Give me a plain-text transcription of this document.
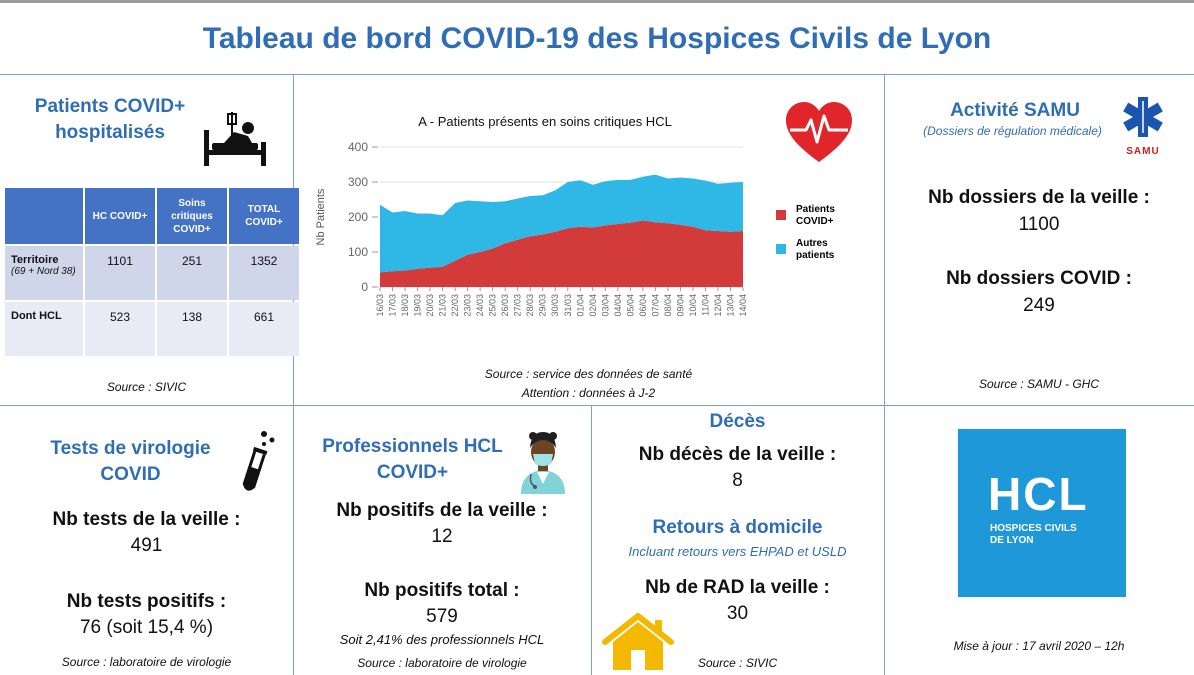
Tableau de bord COVID-19 des Hospices Civils de Lyon
Patients COVID+
hospitalisés
	HC COVID+	Soins critiques COVID+	TOTAL COVID+

Territoire
(69 + Nord 38)	1101	251	1352
Dont HCL	523	138	661
Source : SIVIC
0
100
200
300
400
16/03 17/03 18/03 19/03 20/03 21/03 22/03 23/03 24/03 25/03 26/03 27/03 28/03 29/03 30/03 31/03 01/04 02/04 03/04 04/04 05/04 06/04 07/04 08/04 09/04 10/04 11/04 12/04 13/04 14/04
A - Patients présents en soins critiques HCL
Nb Patients	Patients COVID+
Autres patients
Source : service des données de santé
Attention : données à J-2
Activité SAMU
(Dossiers de régulation médicale)
SAMU
Nb dossiers de la veille :
1100
Nb dossiers COVID :
249
Source : SAMU - GHC
Tests de virologie
COVID
Nb tests de la veille :
491
Nb tests positifs :
76 (soit 15,4 %)
Source : laboratoire de virologie
Professionnels HCL
COVID+
Nb positifs de la veille :
12
Nb positifs total :
579
Soit 2,41% des professionnels HCL
Source : laboratoire de virologie
Décès
Nb décès de la veille :
8
Retours à domicile
Incluant retours vers EHPAD et USLD
Nb de RAD la veille :
30
Source : SIVIC
HCL
HOSPICES CIVILS
DE LYON
Mise à jour : 17 avril 2020 – 12h
